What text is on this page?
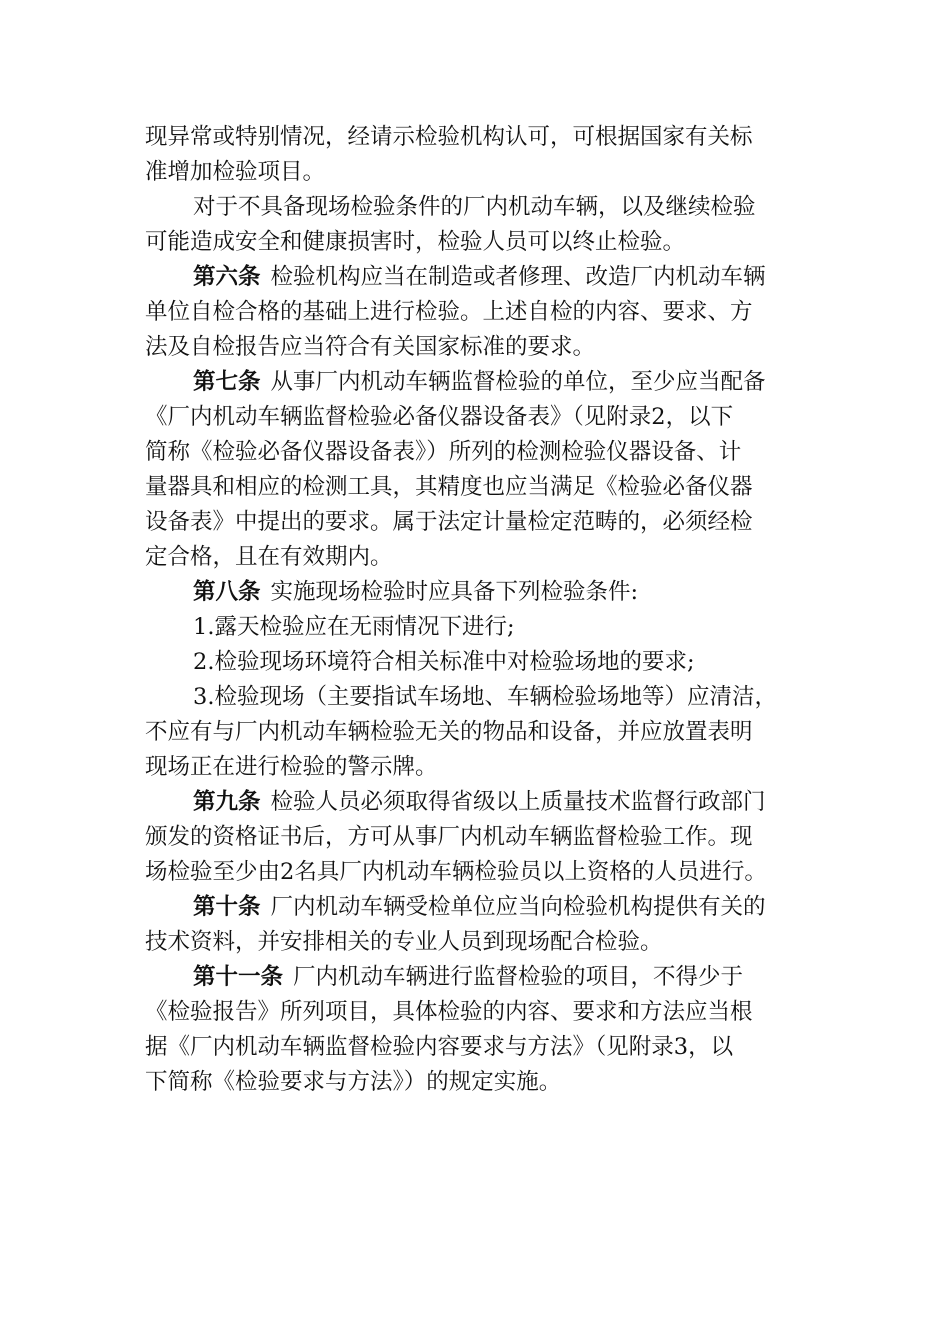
现异常或特别情况，经请示检验机构认可，可根据国家有关标
准增加检验项目。
对于不具备现场检验条件的厂内机动车辆，以及继续检验
可能造成安全和健康损害时，检验人员可以终止检验。
第六条 检验机构应当在制造或者修理、改造厂内机动车辆
单位自检合格的基础上进行检验。上述自检的内容、要求、方
法及自检报告应当符合有关国家标准的要求。
第七条 从事厂内机动车辆监督检验的单位，至少应当配备
《厂内机动车辆监督检验必备仪器设备表》（见附录2，以下
简称《检验必备仪器设备表》）所列的检测检验仪器设备、计
量器具和相应的检测工具，其精度也应当满足《检验必备仪器
设备表》中提出的要求。属于法定计量检定范畴的，必须经检
定合格，且在有效期内。
第八条 实施现场检验时应具备下列检验条件:
1.露天检验应在无雨情况下进行;
2.检验现场环境符合相关标准中对检验场地的要求;
3.检验现场（主要指试车场地、车辆检验场地等）应清洁，
不应有与厂内机动车辆检验无关的物品和设备，并应放置表明
现场正在进行检验的警示牌。
第九条 检验人员必须取得省级以上质量技术监督行政部门
颁发的资格证书后，方可从事厂内机动车辆监督检验工作。现
场检验至少由2名具厂内机动车辆检验员以上资格的人员进行。
第十条 厂内机动车辆受检单位应当向检验机构提供有关的
技术资料，并安排相关的专业人员到现场配合检验。
第十一条 厂内机动车辆进行监督检验的项目，不得少于
《检验报告》所列项目，具体检验的内容、要求和方法应当根
据《厂内机动车辆监督检验内容要求与方法》（见附录3，以
下简称《检验要求与方法》）的规定实施。
